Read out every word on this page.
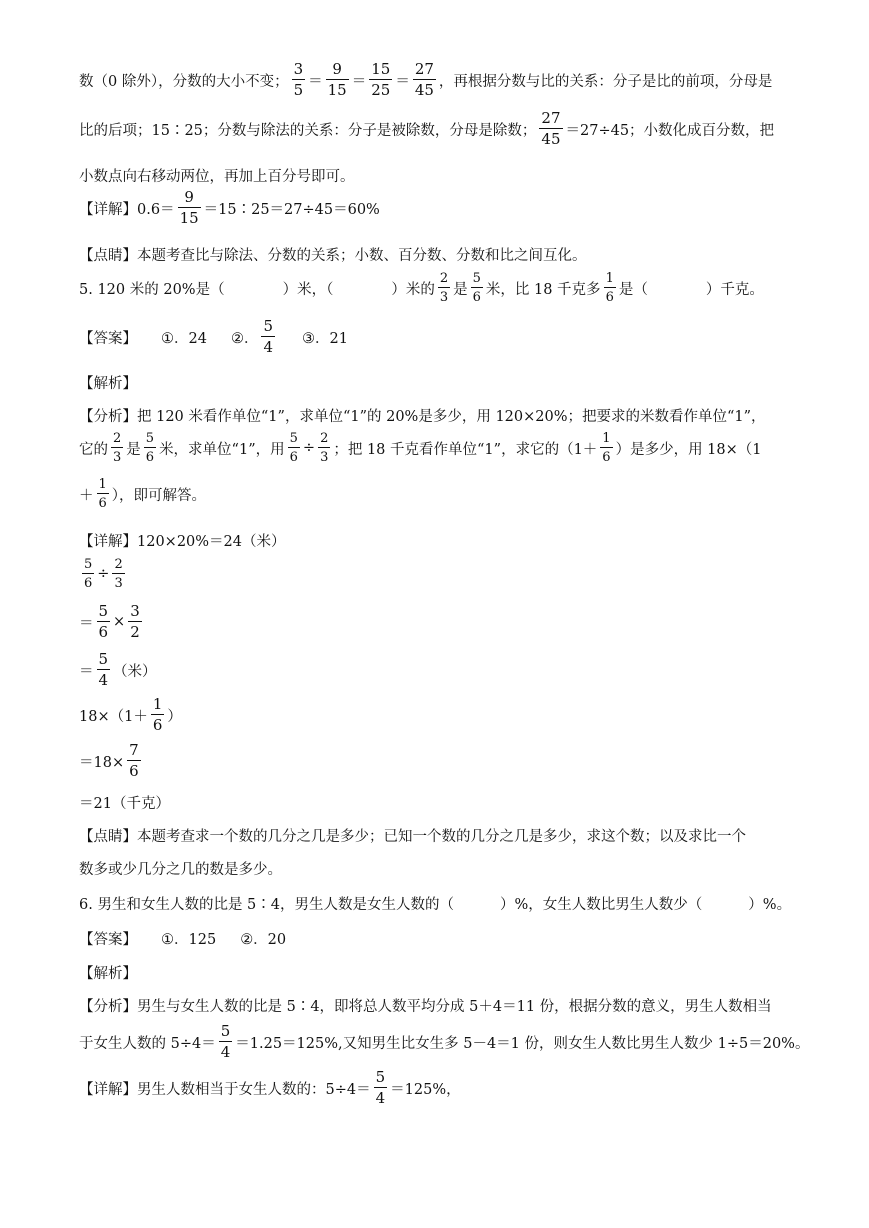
数（0 除外），分数的大小不变； $\frac{3}{5} = \frac{9}{15} = \frac{15}{25} = \frac{27}{45}$ ，再根据分数与比的关系：分子是比的前项，分母是
比的后项；15∶25；分数与除法的关系：分子是被除数，分母是除数； $\frac{27}{45} =27\div 45$；小数化成百分数，把
小数点向右移动两位，再加上百分号即可。
【详解】$0.6= \frac{9}{15}$ ＝15∶25＝27÷45＝60%
【点睛】本题考查比与除法、分数的关系；小数、百分数、分数和比之间互化。
5. 120 米的 20%是（	）米，（	）米的 $\frac{2}{3}$ 是 $\frac{5}{6}$ 米，比 18 千克多 $\frac{1}{6}$ 是（	）千克。
【答案】 ①．24 ②． $\frac{5}{4}$ ③．21
【解析】
【分析】把 120 米看作单位“1”，求单位“1”的 20%是多少，用 120×20%；把要求的米数看作单位“1”，
它的 $\frac{2}{3}$ 是 $\frac{5}{6}$ 米，求单位“1”，用 $\frac{5}{6} \div \frac{2}{3}$ ；把 18 千克看作单位“1”，求它的（$1+ \frac{1}{6}$ ）是多少，用 18×（1
＋ $\frac{1}{6}$ ），即可解答。
【详解】120×20%＝24（米）
$\frac{5}{6} \div \frac{2}{3}$
＝ $\frac{5}{6} \times \frac{3}{2}$
＝ $\frac{5}{4}$ （米）
$18\times(1+ \frac{1}{6}$ ）
$=18\times \frac{7}{6}$
＝21（千克）
【点睛】本题考查求一个数的几分之几是多少；已知一个数的几分之几是多少，求这个数；以及求比一个
数多或少几分之几的数是多少。
6. 男生和女生人数的比是 5∶4，男生人数是女生人数的（	）%，女生人数比男生人数少（	）%。
【答案】 ①．125 ②．20
【解析】
【分析】男生与女生人数的比是 5∶4，即将总人数平均分成 5＋4＝11 份，根据分数的意义，男生人数相当
于女生人数的 $5\div 4= \frac{5}{4} =1.25=125\%$,又知男生比女生多 5－4＝1 份，则女生人数比男生人数少 1÷5＝20%。
【详解】男生人数相当于女生人数的：$5\div 4= \frac{5}{4} =125\%$，
